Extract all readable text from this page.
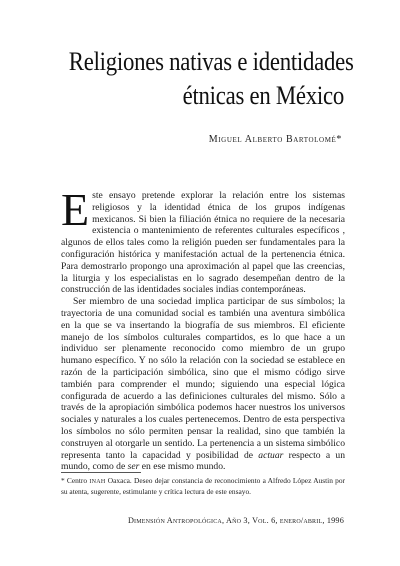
Religiones nativas e identidades
étnicas en México
Miguel Alberto Bartolomé*

Este ensayo pretende explorar la relación entre los sistemas religiosos y la identidad étnica de los grupos indígenas mexicanos. Si bien la filiación étnica no requiere de la necesaria existencia o mantenimiento de referentes culturales específicos , algunos de ellos tales como la religión pueden ser fundamentales para la configuración histórica y manifestación actual de la pertenencia étnica. Para demostrarlo propongo una aproximación al papel que las creencias, la liturgia y los especialistas en lo sagrado desempeñan dentro de la construcción de las identidades sociales indias contemporáneas.

Ser miembro de una sociedad implica participar de sus símbolos; la trayectoria de una comunidad social es también una aventura simbólica en la que se va insertando la biografía de sus miembros. El eficiente manejo de los símbolos culturales compartidos, es lo que hace a un individuo ser plenamente reconocido como miembro de un grupo humano específico. Y no sólo la relación con la sociedad se establece en razón de la participación simbólica, sino que el mismo código sirve también para comprender el mundo; siguiendo una especial lógica configurada de acuerdo a las definiciones culturales del mismo. Sólo a través de la apropiación simbólica podemos hacer nuestros los universos sociales y naturales a los cuales pertenecemos. Dentro de esta perspectiva los símbolos no sólo permiten pensar la realidad, sino que también la construyen al otorgarle un sentido. La pertenencia a un sistema simbólico representa tanto la capacidad y posibilidad de actuar respecto a un mundo, como de ser en ese mismo mundo.

* Centro INAH Oaxaca. Deseo dejar constancia de reconocimiento a Alfredo López Austin por su atenta, sugerente, estimulante y crítica lectura de este ensayo.
Dimensión Antropológica, Año 3, Vol. 6, enero/abril, 1996
